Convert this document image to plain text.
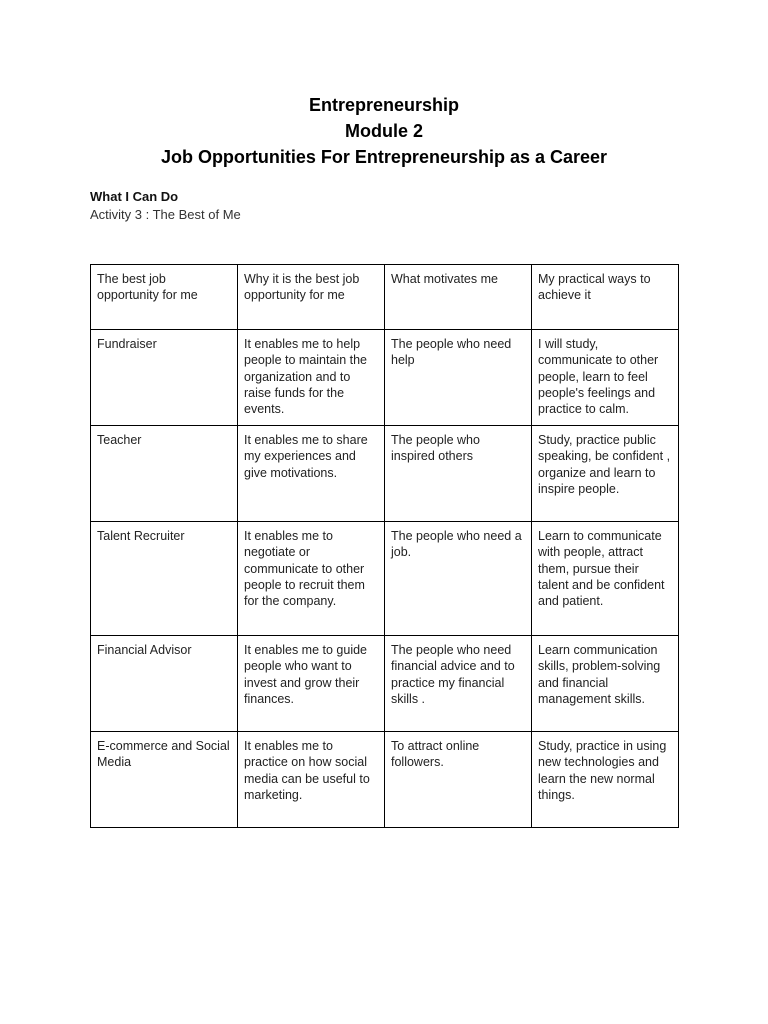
Entrepreneurship
Module 2
Job Opportunities For Entrepreneurship as a Career
What I Can Do
Activity 3 : The Best of Me
The best job opportunity for me	Why it is the best job opportunity for me	What motivates me	My practical ways to achieve it
Fundraiser	It enables me to help people to maintain the organization and to raise funds for the events.	The people who need help	I will study, communicate to other people, learn to feel people's feelings and practice to calm.
Teacher	It enables me to share my experiences and give motivations.	The people who inspired others	Study, practice public speaking, be confident , organize and learn to inspire people.
Talent Recruiter	It enables me to negotiate or communicate to other people to recruit them for the company.	The people who need a job.	Learn to communicate with people, attract them, pursue their talent and be confident and patient.
Financial Advisor	It enables me to guide people who want to invest and grow their finances.	The people who need financial advice and to practice my financial skills .	Learn communication skills, problem-solving and financial management skills.
E-commerce and Social Media	It enables me to practice on how social media can be useful to marketing.	To attract online followers.	Study, practice in using new technologies and learn the new normal things.
